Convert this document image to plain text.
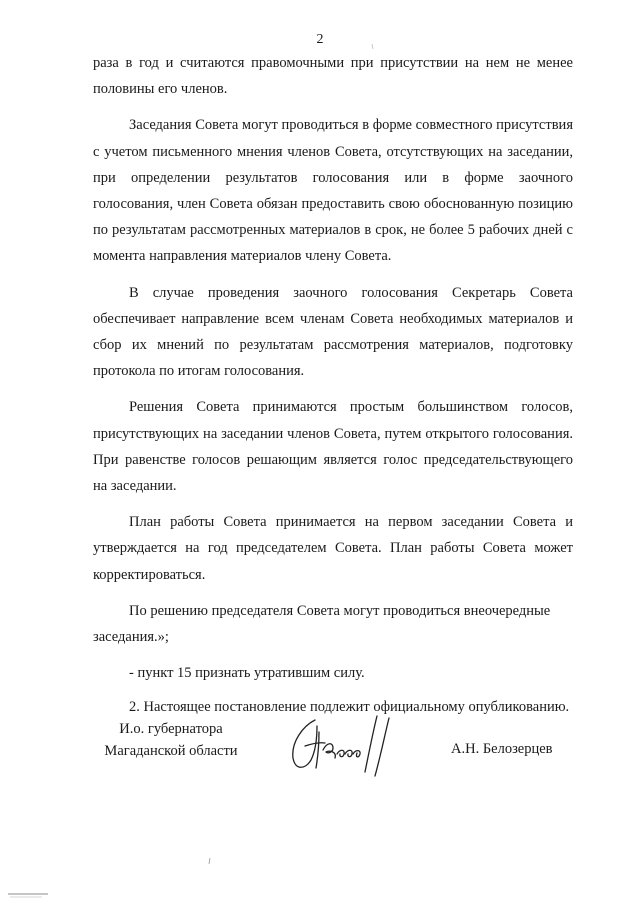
2

раза в год и считаются правомочными при присутствии на нем не менее половины его членов.

Заседания Совета могут проводиться в форме совместного присутствия с учетом письменного мнения членов Совета, отсутствующих на заседании, при определении результатов голосования или в форме заочного голосования, член Совета обязан предоставить свою обоснованную позицию по результатам рассмотренных материалов в срок, не более 5 рабочих дней с момента направления материалов члену Совета.

В случае проведения заочного голосования Секретарь Совета обеспечивает направление всем членам Совета необходимых материалов и сбор их мнений по результатам рассмотрения материалов, подготовку протокола по итогам голосования.

Решения Совета принимаются простым большинством голосов, присутствующих на заседании членов Совета, путем открытого голосования. При равенстве голосов решающим является голос председательствующего на заседании.

План работы Совета принимается на первом заседании Совета и утверждается на год председателем Совета. План работы Совета может корректироваться.

По решению председателя Совета могут проводиться внеочередные заседания.»;

- пункт 15 признать утратившим силу.

2. Настоящее постановление подлежит официальному опубликованию.

И.о. губернатора
Магаданской области	А.Н. Белозерцев
